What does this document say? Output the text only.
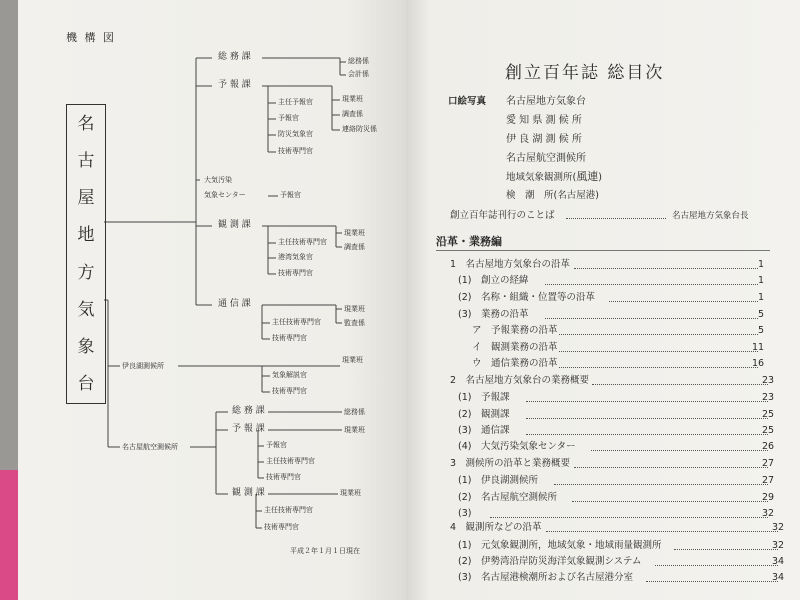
機 構 図
名
古
屋
地
方
気
象
台
総 務 課	総務係
会計係
予 報 課
主任予報官
予報官
防災気象官
技術専門官
現業班
調査係
連絡防災係
大気汚染
気象センター	予報官
観 測 課
主任技術専門官
港湾気象官
技術専門官
現業班
調査係
通 信 課
主任技術専門官
技術専門官
現業班
監査係
伊良湖測候所
現業班
気象解説官
技術専門官
名古屋航空測候所
総 務 課	総務係
予 報 課	現業班
予報官
主任技術専門官
技術専門官
観 測 課	現業班
主任技術専門官
技術専門官
平成２年１月１日現在
創立百年誌 総目次
口絵写真 名古屋地方気象台
愛 知 県 測 候 所
伊 良 湖 測 候 所
名古屋航空測候所
地域気象観測所(風連)
検　潮　所(名古屋港)
創立百年誌刊行のことば	名古屋地方気象台長
沿革・業務編
1　名古屋地方気象台の沿革	1
(1)　創立の経緯	1
(2)　名称・組織・位置等の沿革	1
(3)　業務の沿革	5
ア　予報業務の沿革	5
イ　観測業務の沿革	11
ウ　通信業務の沿革	16
2　名古屋地方気象台の業務概要	23
(1)　予報課	23
(2)　観測課	25
(3)　通信課	25
(4)　大気汚染気象センター	26
3　測候所の沿革と業務概要	27
(1)　伊良湖測候所	27
(2)　名古屋航空測候所	29
(3)	32
4　観測所などの沿革	32
(1)　元気象観測所，地域気象・地域雨量観測所	32
(2)　伊勢湾沿岸防災海洋気象観測システム	34
(3)　名古屋港検潮所および名古屋港分室	34
